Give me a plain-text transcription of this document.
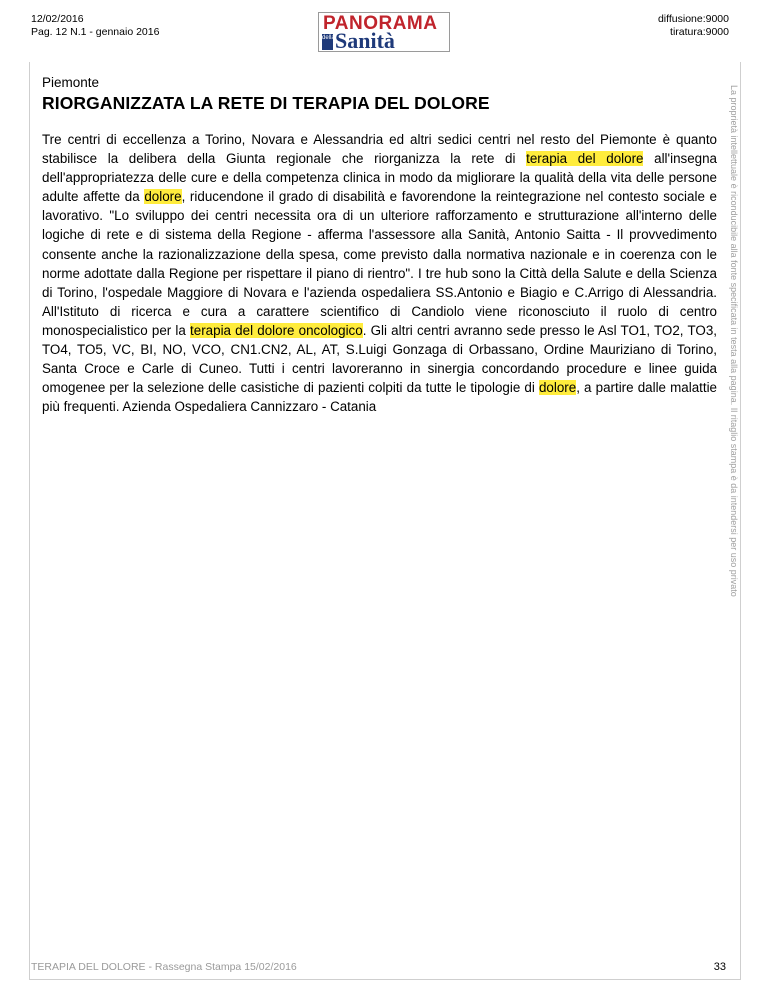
12/02/2016
Pag. 12 N.1 - gennaio 2016	PANORAMA
della Sanità
diffusione:9000
tiratura:9000
Piemonte
RIORGANIZZATA LA RETE DI TERAPIA DEL DOLORE

Tre centri di eccellenza a Torino, Novara e Alessandria ed altri sedici centri nel resto del Piemonte è quanto stabilisce la delibera della Giunta regionale che riorganizza la rete di terapia del dolore all'insegna dell'appropriatezza delle cure e della competenza clinica in modo da migliorare la qualità della vita delle persone adulte affette da dolore, riducendone il grado di disabilità e favorendone la reintegrazione nel contesto sociale e lavorativo. "Lo sviluppo dei centri necessita ora di un ulteriore rafforzamento e strutturazione all'interno delle logiche di rete e di sistema della Regione - afferma l'assessore alla Sanità, Antonio Saitta - Il provvedimento consente anche la razionalizzazione della spesa, come previsto dalla normativa nazionale e in coerenza con le norme adottate dalla Regione per rispettare il piano di rientro". I tre hub sono la Città della Salute e della Scienza di Torino, l'ospedale Maggiore di Novara e l'azienda ospedaliera SS.Antonio e Biagio e C.Arrigo di Alessandria. All'Istituto di ricerca e cura a carattere scientifico di Candiolo viene riconosciuto il ruolo di centro monospecialistico per la terapia del dolore oncologico. Gli altri centri avranno sede presso le Asl TO1, TO2, TO3, TO4, TO5, VC, BI, NO, VCO, CN1.CN2, AL, AT, S.Luigi Gonzaga di Orbassano, Ordine Mauriziano di Torino, Santa Croce e Carle di Cuneo. Tutti i centri lavoreranno in sinergia concordando procedure e linee guida omogenee per la selezione delle casistiche di pazienti colpiti da tutte le tipologie di dolore, a partire dalle malattie più frequenti. Azienda Ospedaliera Cannizzaro - Catania	La proprietà intellettuale è riconducibile alla fonte specificata in testa alla pagina. Il ritaglio stampa è da intendersi per uso privato
TERAPIA DEL DOLORE - Rassegna Stampa 15/02/2016	33
